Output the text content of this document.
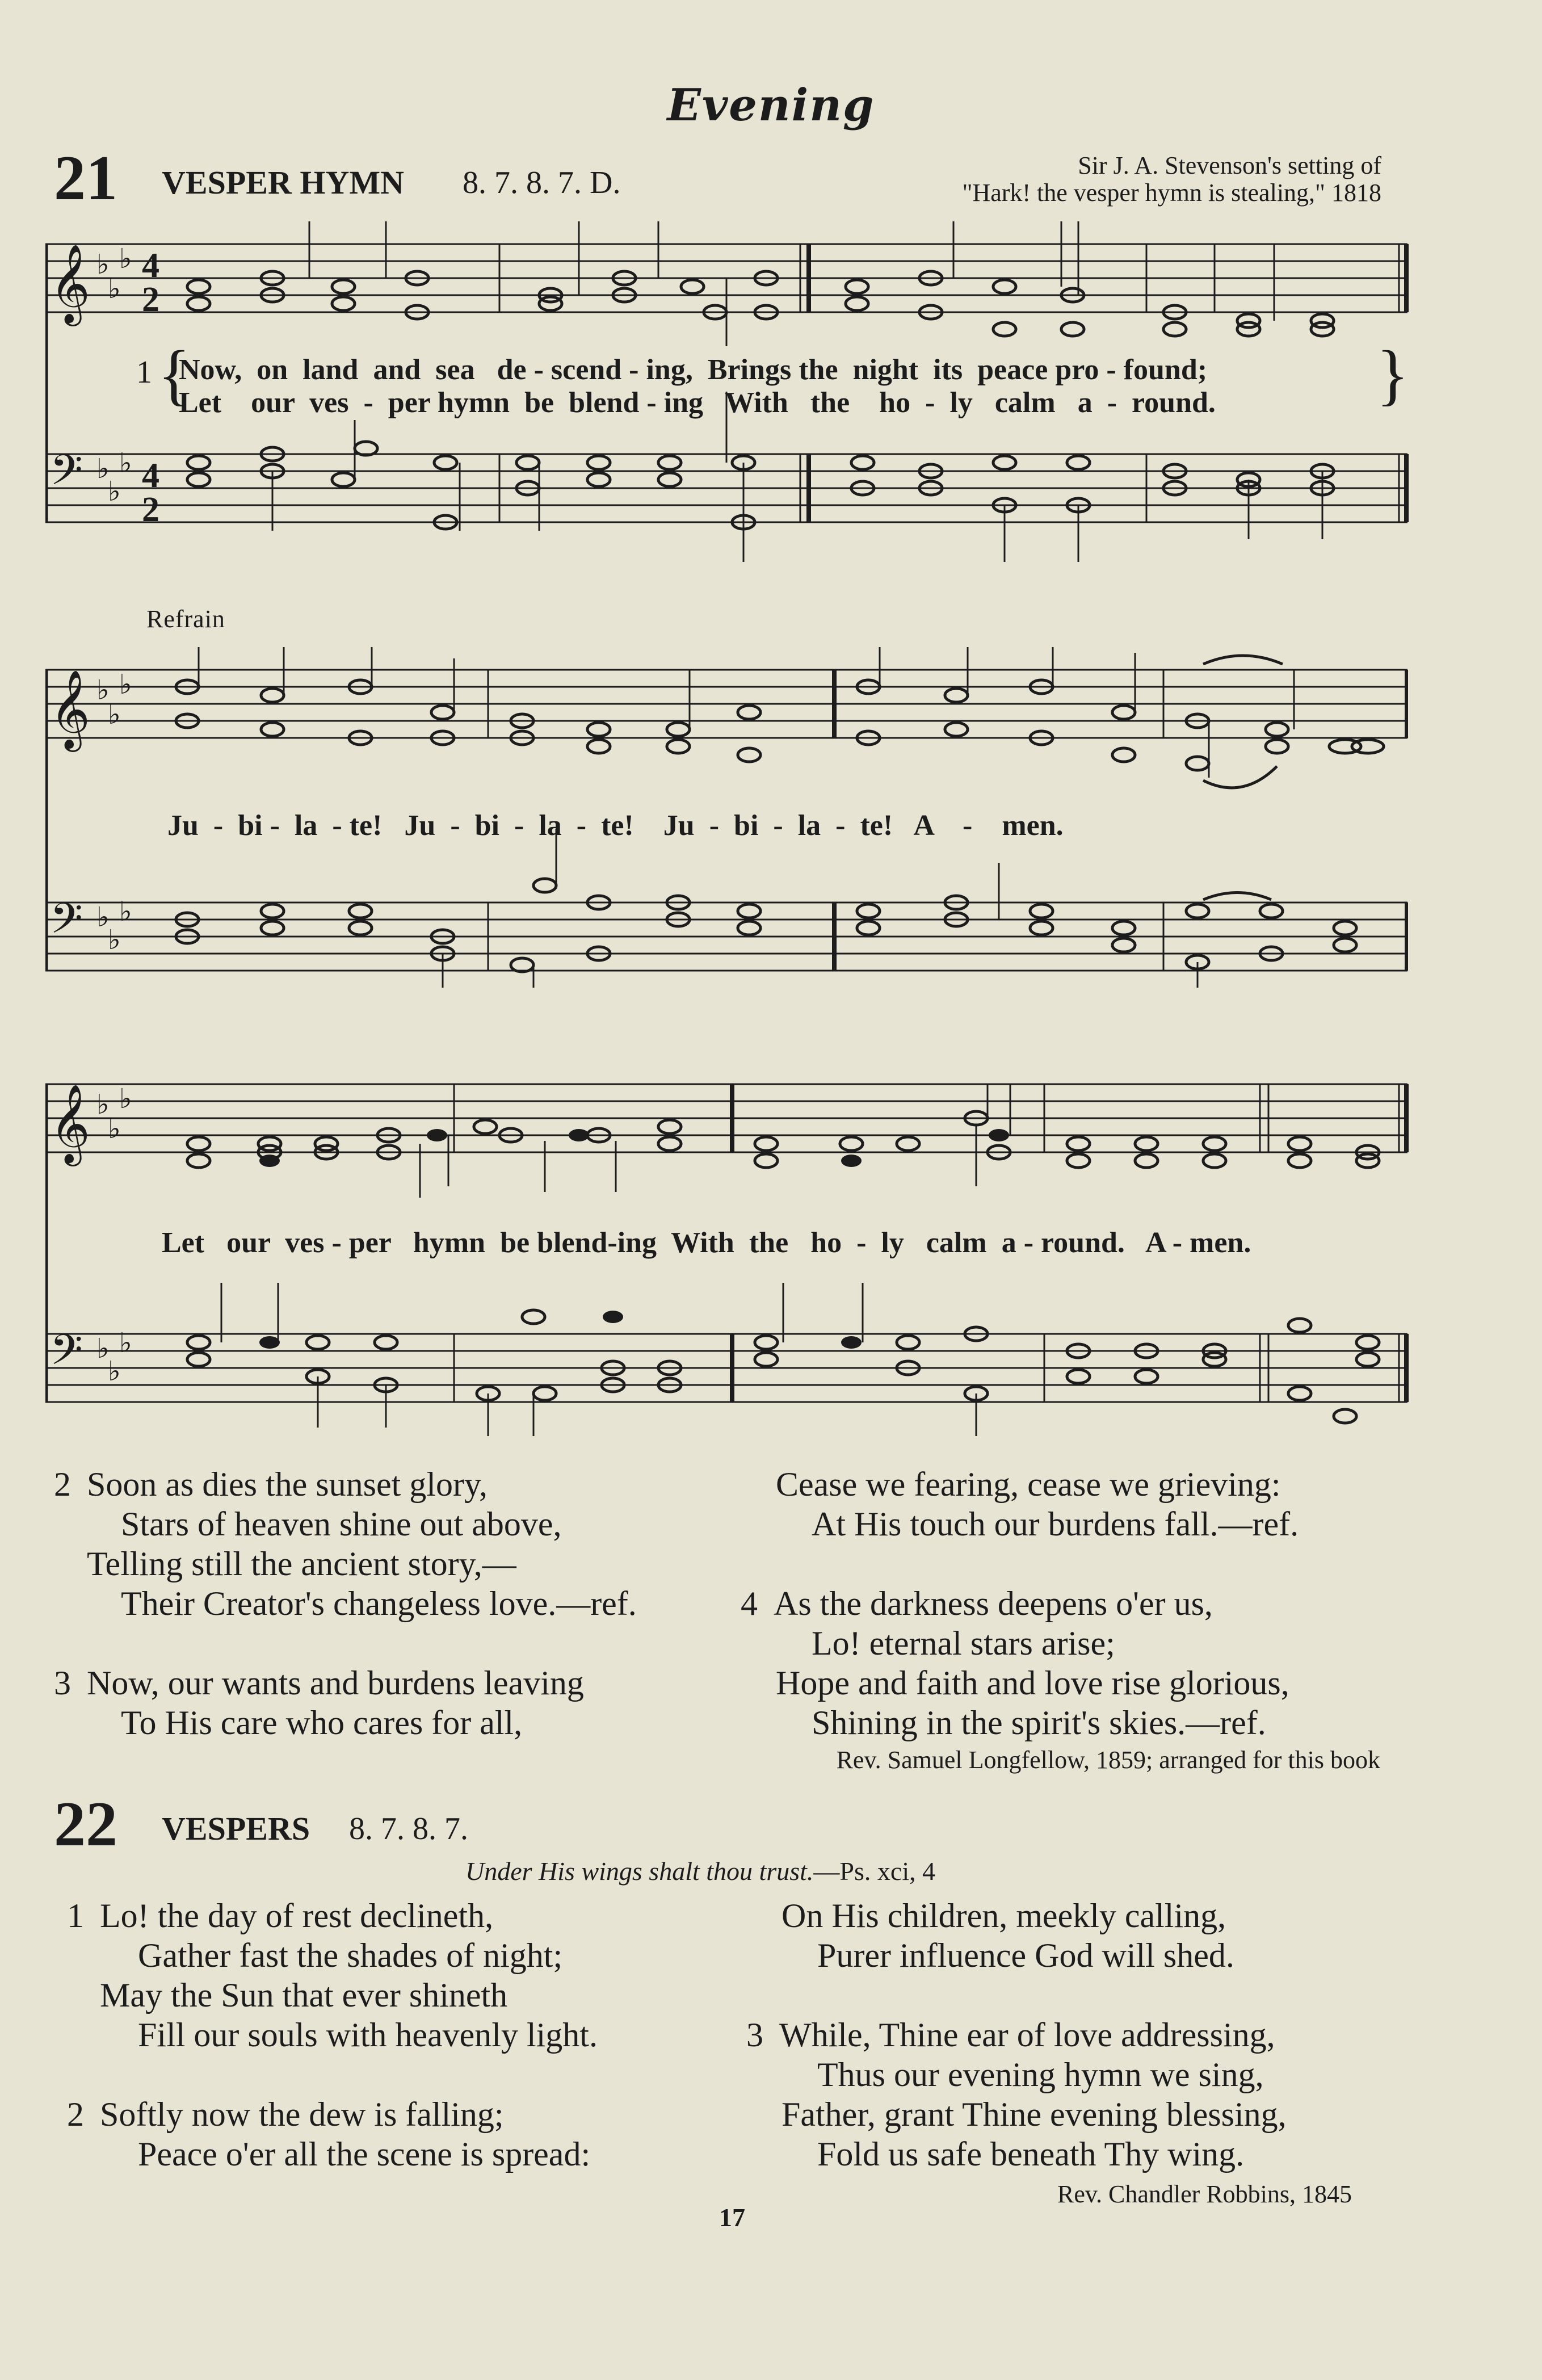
Evening
21 VESPER HYMN 8. 7. 8. 7. D.	Sir J. A. Stevenson's setting of
"Hark! the vesper hymn is stealing," 1818
𝄞
𝄢
♭
♭
♭
♭
♭
♭
4
2
4
2
1 {
Now,  on  land  and  sea   de - scend - ing,  Brings the  night  its  peace pro - found;
Let    our  ves  -  per hymn  be  blend - ing   With   the    ho  -  ly   calm   a  -  round. }
Refrain
𝄞
𝄢
♭
♭
♭
♭
♭
♭
Ju  -  bi -  la  - te!   Ju  -  bi  -  la  -  te!    Ju  -  bi  -  la  -  te!   A    -    men.
𝄞
𝄢
♭
♭
♭
♭
♭
♭
Let   our  ves - per   hymn  be blend-ing  With  the   ho  -  ly   calm  a - round.   A - men.
2 Soon as dies the sunset glory,
Stars of heaven shine out above,
Telling still the ancient story,—
Their Creator's changeless love.—ref.
3 Now, our wants and burdens leaving
To His care who cares for all,
Cease we fearing, cease we grieving:
At His touch our burdens fall.—ref.
4 As the darkness deepens o'er us,
Lo! eternal stars arise;
Hope and faith and love rise glorious,
Shining in the spirit's skies.—ref.
Rev. Samuel Longfellow, 1859; arranged for this book
22 VESPERS 8. 7. 8. 7.
Under His wings shalt thou trust.—Ps. xci, 4
1 Lo! the day of rest declineth,
Gather fast the shades of night;
May the Sun that ever shineth
Fill our souls with heavenly light.
2 Softly now the dew is falling;
Peace o'er all the scene is spread:
On His children, meekly calling,
Purer influence God will shed.
3 While, Thine ear of love addressing,
Thus our evening hymn we sing,
Father, grant Thine evening blessing,
Fold us safe beneath Thy wing.
Rev. Chandler Robbins, 1845
17
